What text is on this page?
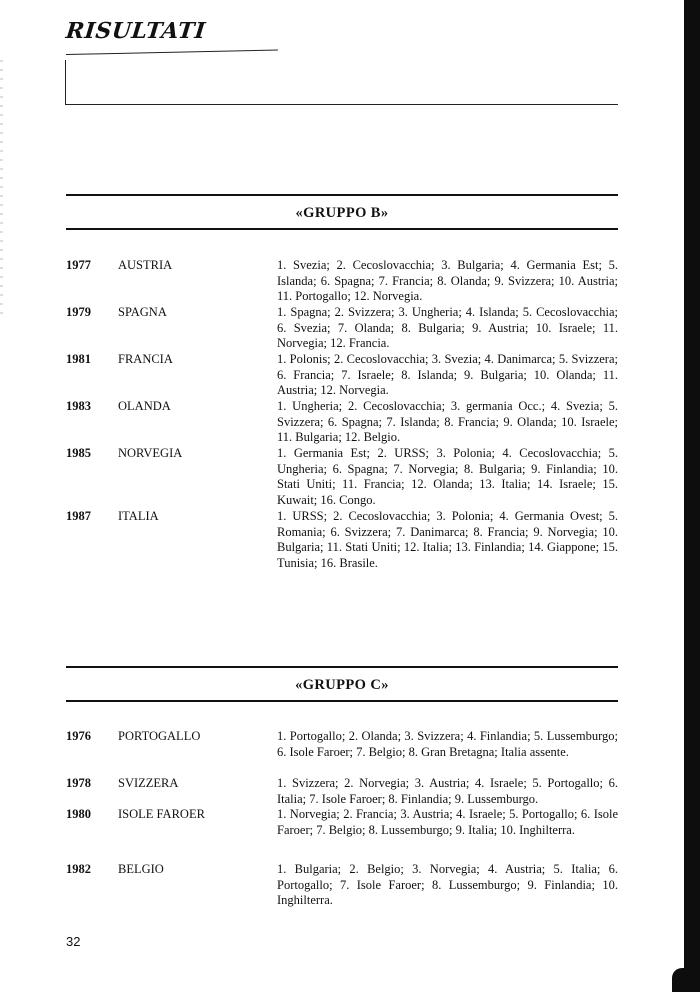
RISULTATI
«GRUPPO B»
1977 AUSTRIA	1. Svezia; 2. Cecoslovacchia; 3. Bulgaria; 4. Germania Est; 5. Islanda; 6. Spagna; 7. Francia; 8. Olanda; 9. Svizzera; 10. Austria; 11. Portogallo; 12. Norvegia.
1979 SPAGNA	1. Spagna; 2. Svizzera; 3. Ungheria; 4. Islanda; 5. Cecoslovacchia; 6. Svezia; 7. Olanda; 8. Bulgaria; 9. Austria; 10. Israele; 11. Norvegia; 12. Francia.
1981 FRANCIA	1. Polonis; 2. Cecoslovacchia; 3. Svezia; 4. Danimarca; 5. Svizzera; 6. Francia; 7. Israele; 8. Islanda; 9. Bulgaria; 10. Olanda; 11. Austria; 12. Norvegia.
1983 OLANDA	1. Ungheria; 2. Cecoslovacchia; 3. germania Occ.; 4. Svezia; 5. Svizzera; 6. Spagna; 7. Islanda; 8. Francia; 9. Olanda; 10. Israele; 11. Bulgaria; 12. Belgio.
1985 NORVEGIA	1. Germania Est; 2. URSS; 3. Polonia; 4. Cecoslovacchia; 5. Ungheria; 6. Spagna; 7. Norvegia; 8. Bulgaria; 9. Finlandia; 10. Stati Uniti; 11. Francia; 12. Olanda; 13. Italia; 14. Israele; 15. Kuwait; 16. Congo.
1987 ITALIA	1. URSS; 2. Cecoslovacchia; 3. Polonia; 4. Germania Ovest; 5. Romania; 6. Svizzera; 7. Danimarca; 8. Francia; 9. Norvegia; 10. Bulgaria; 11. Stati Uniti; 12. Italia; 13. Finlandia; 14. Giappone; 15. Tunisia; 16. Brasile.
«GRUPPO C»
1976 PORTOGALLO	1. Portogallo; 2. Olanda; 3. Svizzera; 4. Finlandia; 5. Lussemburgo; 6. Isole Faroer; 7. Belgio; 8. Gran Bretagna; Italia assente.
1978 SVIZZERA	1. Svizzera; 2. Norvegia; 3. Austria; 4. Israele; 5. Portogallo; 6. Italia; 7. Isole Faroer; 8. Finlandia; 9. Lussemburgo.
1980 ISOLE FAROER	1. Norvegia; 2. Francia; 3. Austria; 4. Israele; 5. Portogallo; 6. Isole Faroer; 7. Belgio; 8. Lussemburgo; 9. Italia; 10. Inghilterra.
1982 BELGIO	1. Bulgaria; 2. Belgio; 3. Norvegia; 4. Austria; 5. Italia; 6. Portogallo; 7. Isole Faroer; 8. Lussemburgo; 9. Finlandia; 10. Inghilterra.
32
